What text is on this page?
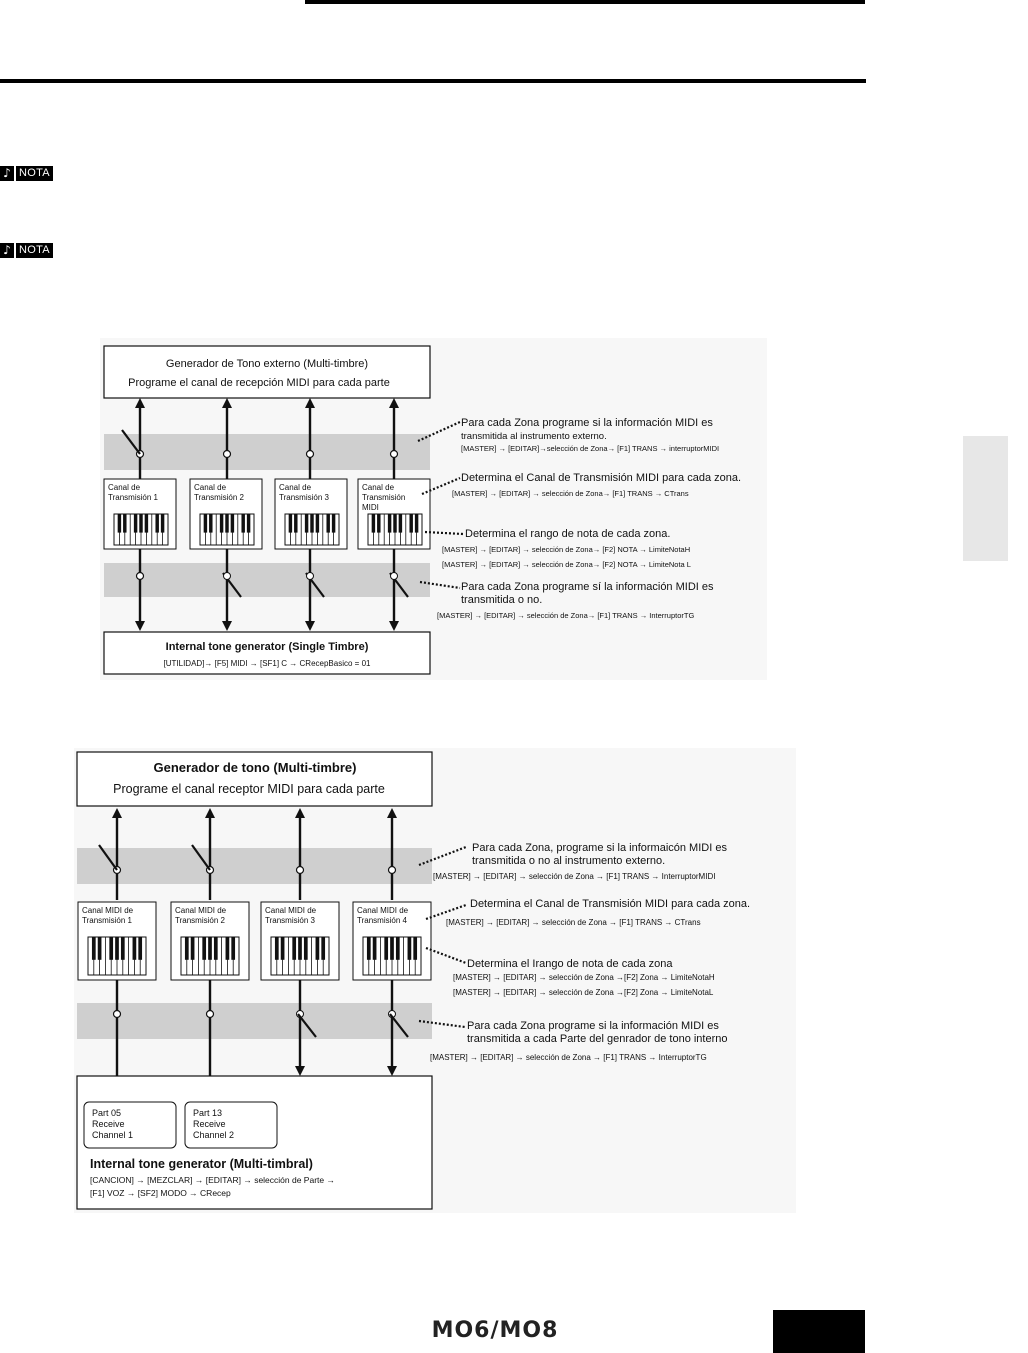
♪ NOTA
♪ NOTA
Generador de Tono externo (Multi-timbre)
Programe el canal de recepción MIDI para cada parte
Canal de
Transmisión 1
Canal de
Transmisión 2
Canal de
Transmisión 3
Canal de
Transmisión
MIDI
Internal tone generator (Single Timbre)
[UTILIDAD]→ [F5] MIDI → [SF1] C → CRecepBasico = 01
Para cada Zona programe si la información MIDI es
transmitida al instrumento externo.
[MASTER] → [EDITAR]→selección de Zona→ [F1] TRANS → interruptorMIDI
Determina el Canal de Transmisión MIDI para cada zona.
[MASTER] → [EDITAR] → selección de Zona→ [F1] TRANS → CTrans
Determina el rango de nota de cada zona.
[MASTER] → [EDITAR] → selección de Zona→ [F2] NOTA → LimiteNotaH
[MASTER] → [EDITAR] → selección de Zona→ [F2] NOTA → LimiteNota L
Para cada Zona programe sí la información MIDI es
transmitida o no.
[MASTER] → [EDITAR] → selección de Zona→ [F1] TRANS → InterruptorTG
Generador de tono (Multi-timbre)
Programe el canal receptor MIDI para cada parte
Canal MIDI de
Transmisión 1
Canal MIDI de
Transmisión 2
Canal MIDI de
Transmisión 3
Canal MIDI de
Transmisión 4
Part 05
Receive
Channel 1
Part 13
Receive
Channel 2
Internal tone generator (Multi-timbral)
[CANCION] → [MEZCLAR] → [EDITAR] → selección de Parte →
[F1] VOZ → [SF2] MODO → CRecep
Para cada Zona, programe si la informaicón MIDI es
transmitida o no al instrumento externo.
[MASTER] → [EDITAR] → selección de Zona → [F1] TRANS → InterruptorMIDI
Determina el Canal de Transmisión MIDI para cada zona.
[MASTER] → [EDITAR] → selección de Zona → [F1] TRANS → CTrans
Determina el Irango de nota de cada zona
[MASTER] → [EDITAR] → selección de Zona →[F2] Zona → LimiteNotaH
[MASTER] → [EDITAR] → selección de Zona →[F2] Zona → LimiteNotaL
Para cada Zona programe si la información MIDI es
transmitida a cada Parte del genrador de tono interno
[MASTER] → [EDITAR] → selección de Zona → [F1] TRANS → InterruptorTG
MO6/MO8
